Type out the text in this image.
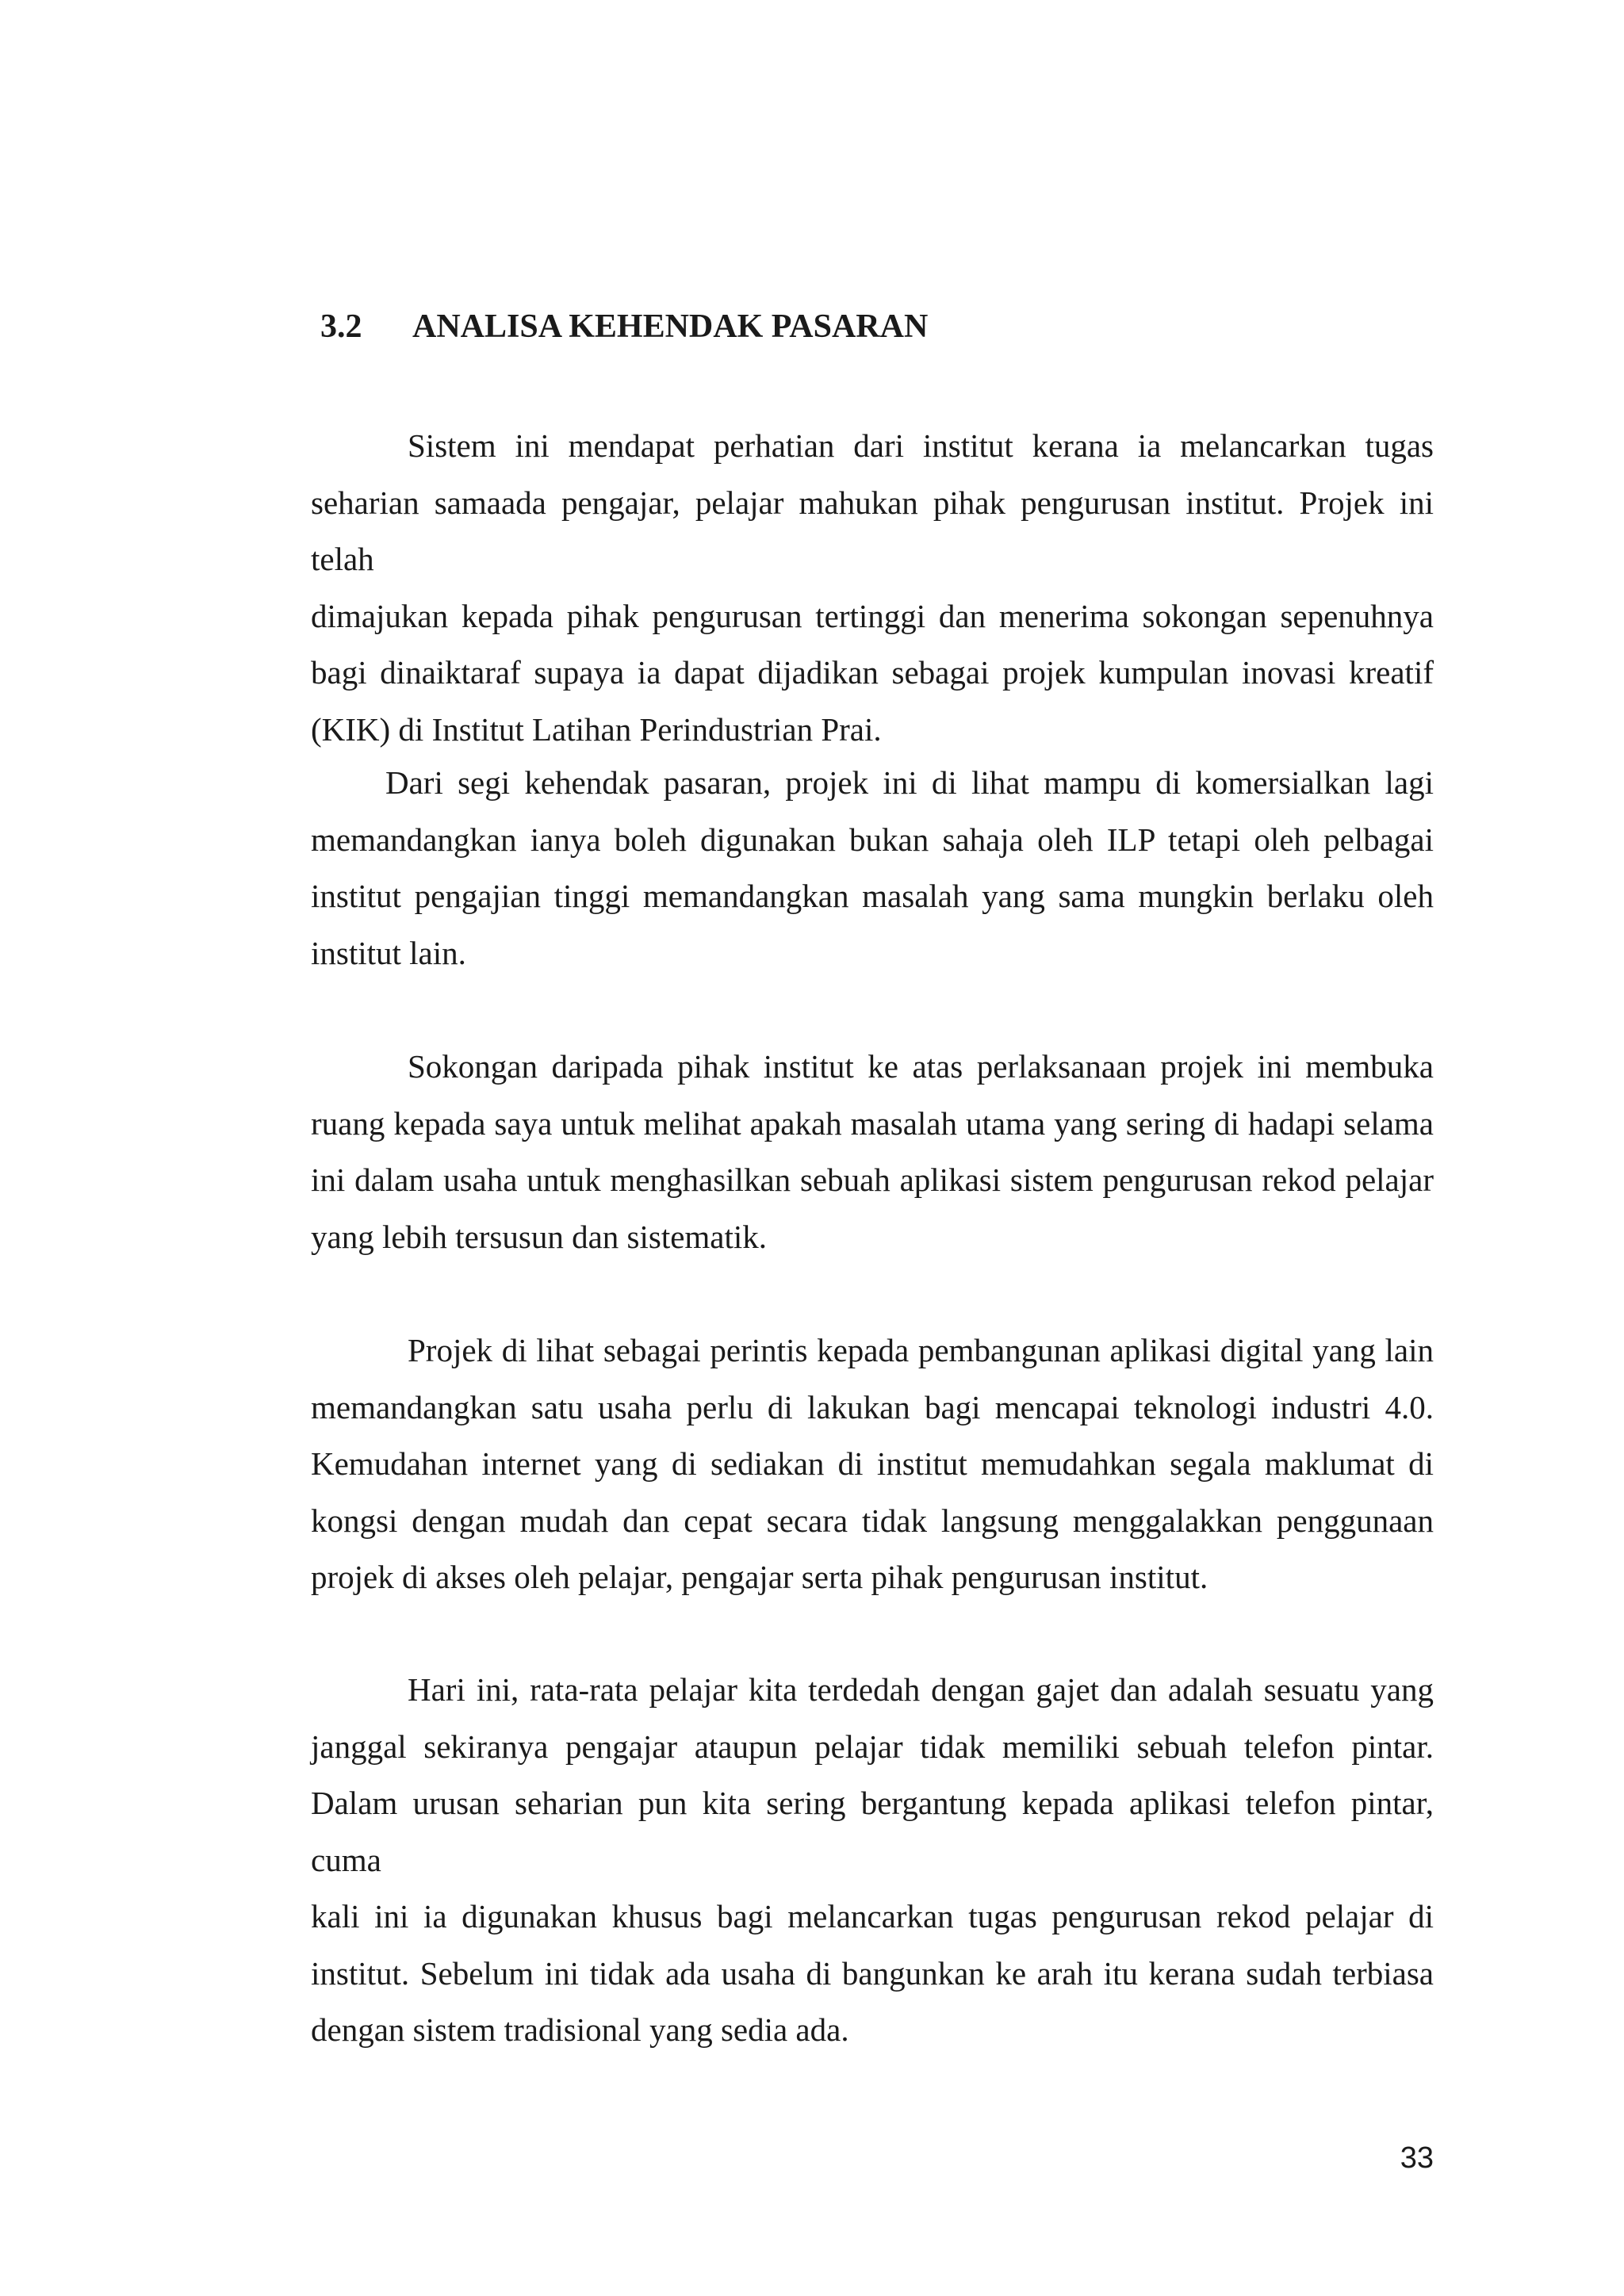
3.2 ANALISA KEHENDAK PASARAN

Sistem ini mendapat perhatian dari institut kerana ia melancarkan tugas
seharian samaada pengajar, pelajar mahukan pihak pengurusan institut. Projek ini telah
dimajukan kepada pihak pengurusan tertinggi dan menerima sokongan sepenuhnya
bagi dinaiktaraf supaya ia dapat dijadikan sebagai projek kumpulan inovasi kreatif
(KIK) di Institut Latihan Perindustrian Prai.

Dari segi kehendak pasaran, projek ini di lihat mampu di komersialkan lagi
memandangkan ianya boleh digunakan bukan sahaja oleh ILP tetapi oleh pelbagai
institut pengajian tinggi memandangkan masalah yang sama mungkin berlaku oleh
institut lain.

Sokongan daripada pihak institut ke atas perlaksanaan projek ini membuka
ruang kepada saya untuk melihat apakah masalah utama yang sering di hadapi selama
ini dalam usaha untuk menghasilkan sebuah aplikasi sistem pengurusan rekod pelajar
yang lebih tersusun dan sistematik.

Projek di lihat sebagai perintis kepada pembangunan aplikasi digital yang lain
memandangkan satu usaha perlu di lakukan bagi mencapai teknologi industri 4.0.
Kemudahan internet yang di sediakan di institut memudahkan segala maklumat di
kongsi dengan mudah dan cepat secara tidak langsung menggalakkan penggunaan
projek di akses oleh pelajar, pengajar serta pihak pengurusan institut.

Hari ini, rata-rata pelajar kita terdedah dengan gajet dan adalah sesuatu yang
janggal sekiranya pengajar ataupun pelajar tidak memiliki sebuah telefon pintar.
Dalam urusan seharian pun kita sering bergantung kepada aplikasi telefon pintar, cuma
kali ini ia digunakan khusus bagi melancarkan tugas pengurusan rekod pelajar di
institut. Sebelum ini tidak ada usaha di bangunkan ke arah itu kerana sudah terbiasa
dengan sistem tradisional yang sedia ada.

33
